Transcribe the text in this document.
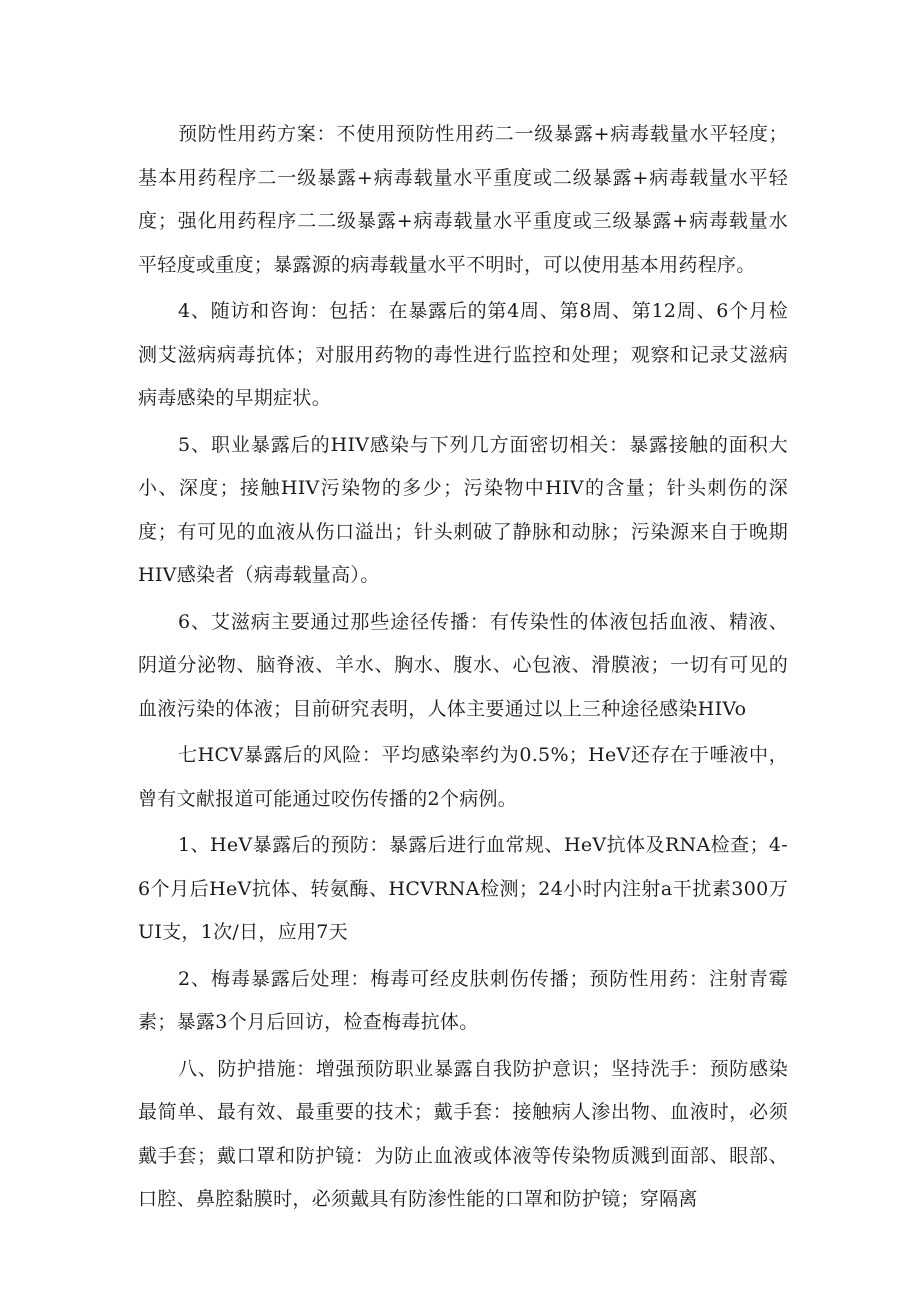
预防性用药方案：不使用预防性用药二一级暴露+病毒载量水平轻度；基本用药程序二一级暴露+病毒载量水平重度或二级暴露+病毒载量水平轻度；强化用药程序二二级暴露+病毒载量水平重度或三级暴露+病毒载量水平轻度或重度；暴露源的病毒载量水平不明时，可以使用基本用药程序。

4、随访和咨询：包括：在暴露后的第4周、第8周、第12周、6个月检测艾滋病病毒抗体；对服用药物的毒性进行监控和处理；观察和记录艾滋病病毒感染的早期症状。

5、职业暴露后的HIV感染与下列几方面密切相关：暴露接触的面积大小、深度；接触HIV污染物的多少；污染物中HIV的含量；针头刺伤的深度；有可见的血液从伤口溢出；针头刺破了静脉和动脉；污染源来自于晚期HIV感染者（病毒载量高）。

6、艾滋病主要通过那些途径传播：有传染性的体液包括血液、精液、阴道分泌物、脑脊液、羊水、胸水、腹水、心包液、滑膜液；一切有可见的血液污染的体液；目前研究表明，人体主要通过以上三种途径感染HIVo

七HCV暴露后的风险：平均感染率约为0.5%；HeV还存在于唾液中，曾有文献报道可能通过咬伤传播的2个病例。

1、HeV暴露后的预防：暴露后进行血常规、HeV抗体及RNA检查；4-6个月后HeV抗体、转氨酶、HCVRNA检测；24小时内注射a干扰素300万UI支，1次/日，应用7天

2、梅毒暴露后处理：梅毒可经皮肤刺伤传播；预防性用药：注射青霉素；暴露3个月后回访，检查梅毒抗体。

八、防护措施：增强预防职业暴露自我防护意识；坚持洗手：预防感染最简单、最有效、最重要的技术；戴手套：接触病人渗出物、血液时，必须戴手套；戴口罩和防护镜：为防止血液或体液等传染物质溅到面部、眼部、口腔、鼻腔黏膜时，必须戴具有防渗性能的口罩和防护镜；穿隔离
